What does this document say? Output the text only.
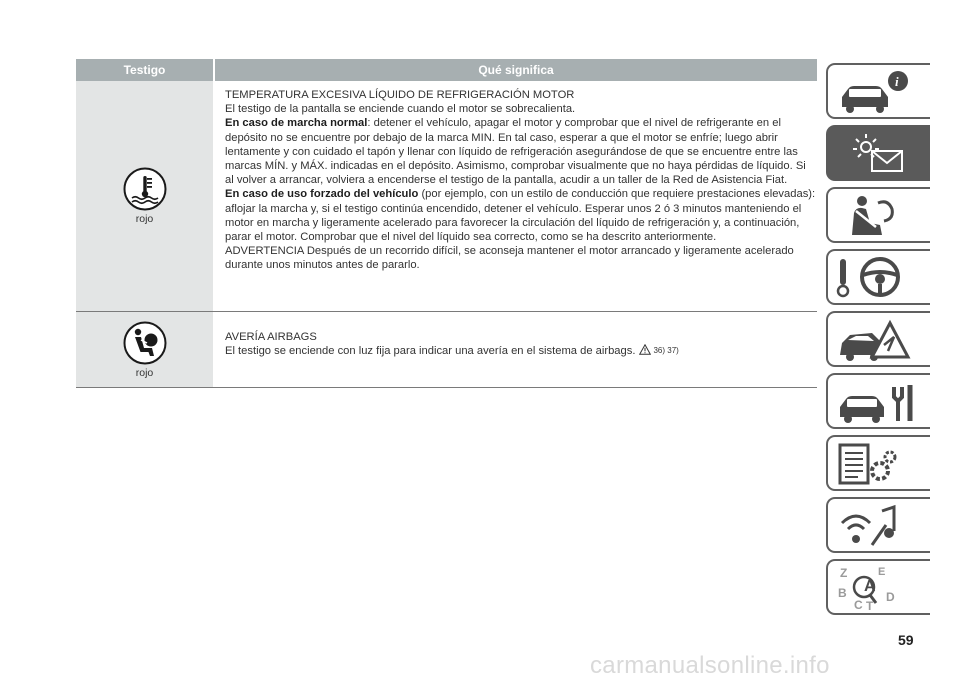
Testigo	Qué significa
rojo
TEMPERATURA EXCESIVA LÍQUIDO DE REFRIGERACIÓN MOTOR
El testigo de la pantalla se enciende cuando el motor se sobrecalienta.
En caso de marcha normal: detener el vehículo, apagar el motor y comprobar que el nivel de refrigerante en el depósito no se encuentre por debajo de la marca MIN. En tal caso, esperar a que el motor se enfríe; luego abrir lentamente y con cuidado el tapón y llenar con líquido de refrigeración asegurándose de que se encuentre entre las marcas MÍN. y MÁX. indicadas en el depósito. Asimismo, comprobar visualmente que no haya pérdidas de líquido. Si al volver a arrancar, volviera a encenderse el testigo de la pantalla, acudir a un taller de la Red de Asistencia Fiat.
En caso de uso forzado del vehículo (por ejemplo, con un estilo de conducción que requiere prestaciones elevadas): aflojar la marcha y, si el testigo continúa encendido, detener el vehículo. Esperar unos 2 ó 3 minutos manteniendo el motor en marcha y ligeramente acelerado para favorecer la circulación del líquido de refrigeración y, a continuación, parar el motor. Comprobar que el nivel del líquido sea correcto, como se ha descrito anteriormente.
ADVERTENCIA Después de un recorrido difícil, se aconseja mantener el motor arrancado y ligeramente acelerado durante unos minutos antes de pararlo.
rojo
AVERÍA AIRBAGS
El testigo se enciende con luz fija para indicar una avería en el sistema de airbags. 36) 37)
i
Z	E
A
B
C T
D
59
carmanualsonline.info
